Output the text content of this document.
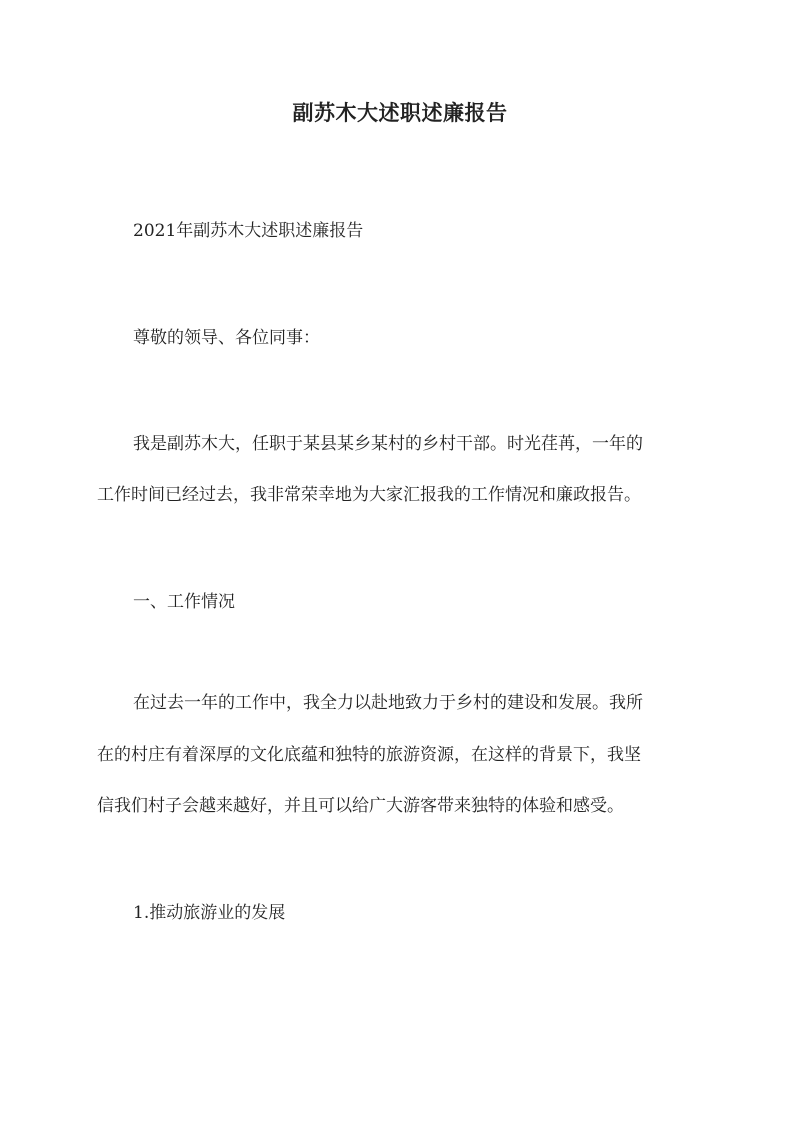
副苏木大述职述廉报告
2021年副苏木大述职述廉报告
尊敬的领导、各位同事：
我是副苏木大，任职于某县某乡某村的乡村干部。时光荏苒，一年的
工作时间已经过去，我非常荣幸地为大家汇报我的工作情况和廉政报告。
一、工作情况
在过去一年的工作中，我全力以赴地致力于乡村的建设和发展。我所
在的村庄有着深厚的文化底蕴和独特的旅游资源，在这样的背景下，我坚
信我们村子会越来越好，并且可以给广大游客带来独特的体验和感受。
1.推动旅游业的发展
